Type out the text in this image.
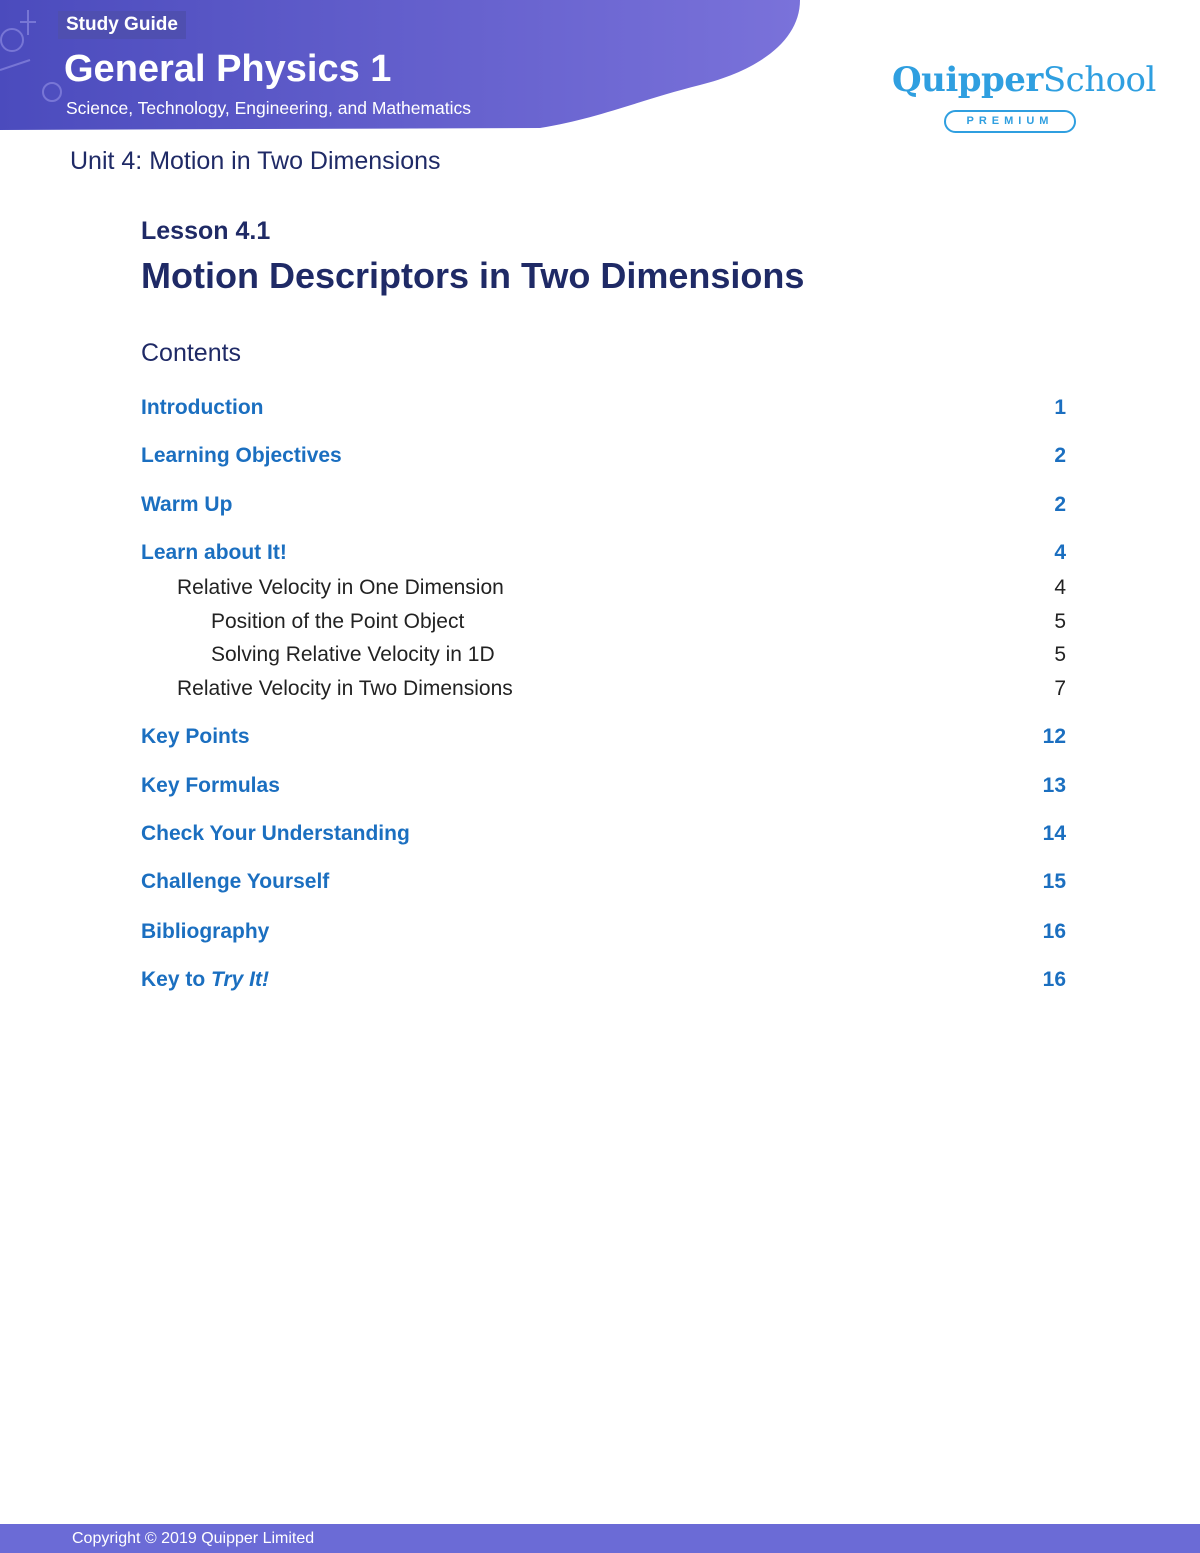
Study Guide
General Physics 1
Science, Technology, Engineering, and Mathematics
QuipperSchool
PREMIUM
Unit 4: Motion in Two Dimensions
Lesson 4.1
Motion Descriptors in Two Dimensions
Contents
Introduction	1
Learning Objectives	2
Warm Up	2
Learn about It!	4
Relative Velocity in One Dimension	4
Position of the Point Object	5
Solving Relative Velocity in 1D	5
Relative Velocity in Two Dimensions	7
Key Points	12
Key Formulas	13
Check Your Understanding	14
Challenge Yourself	15
Bibliography	16
Key to Try It!	16
Copyright © 2019 Quipper Limited
